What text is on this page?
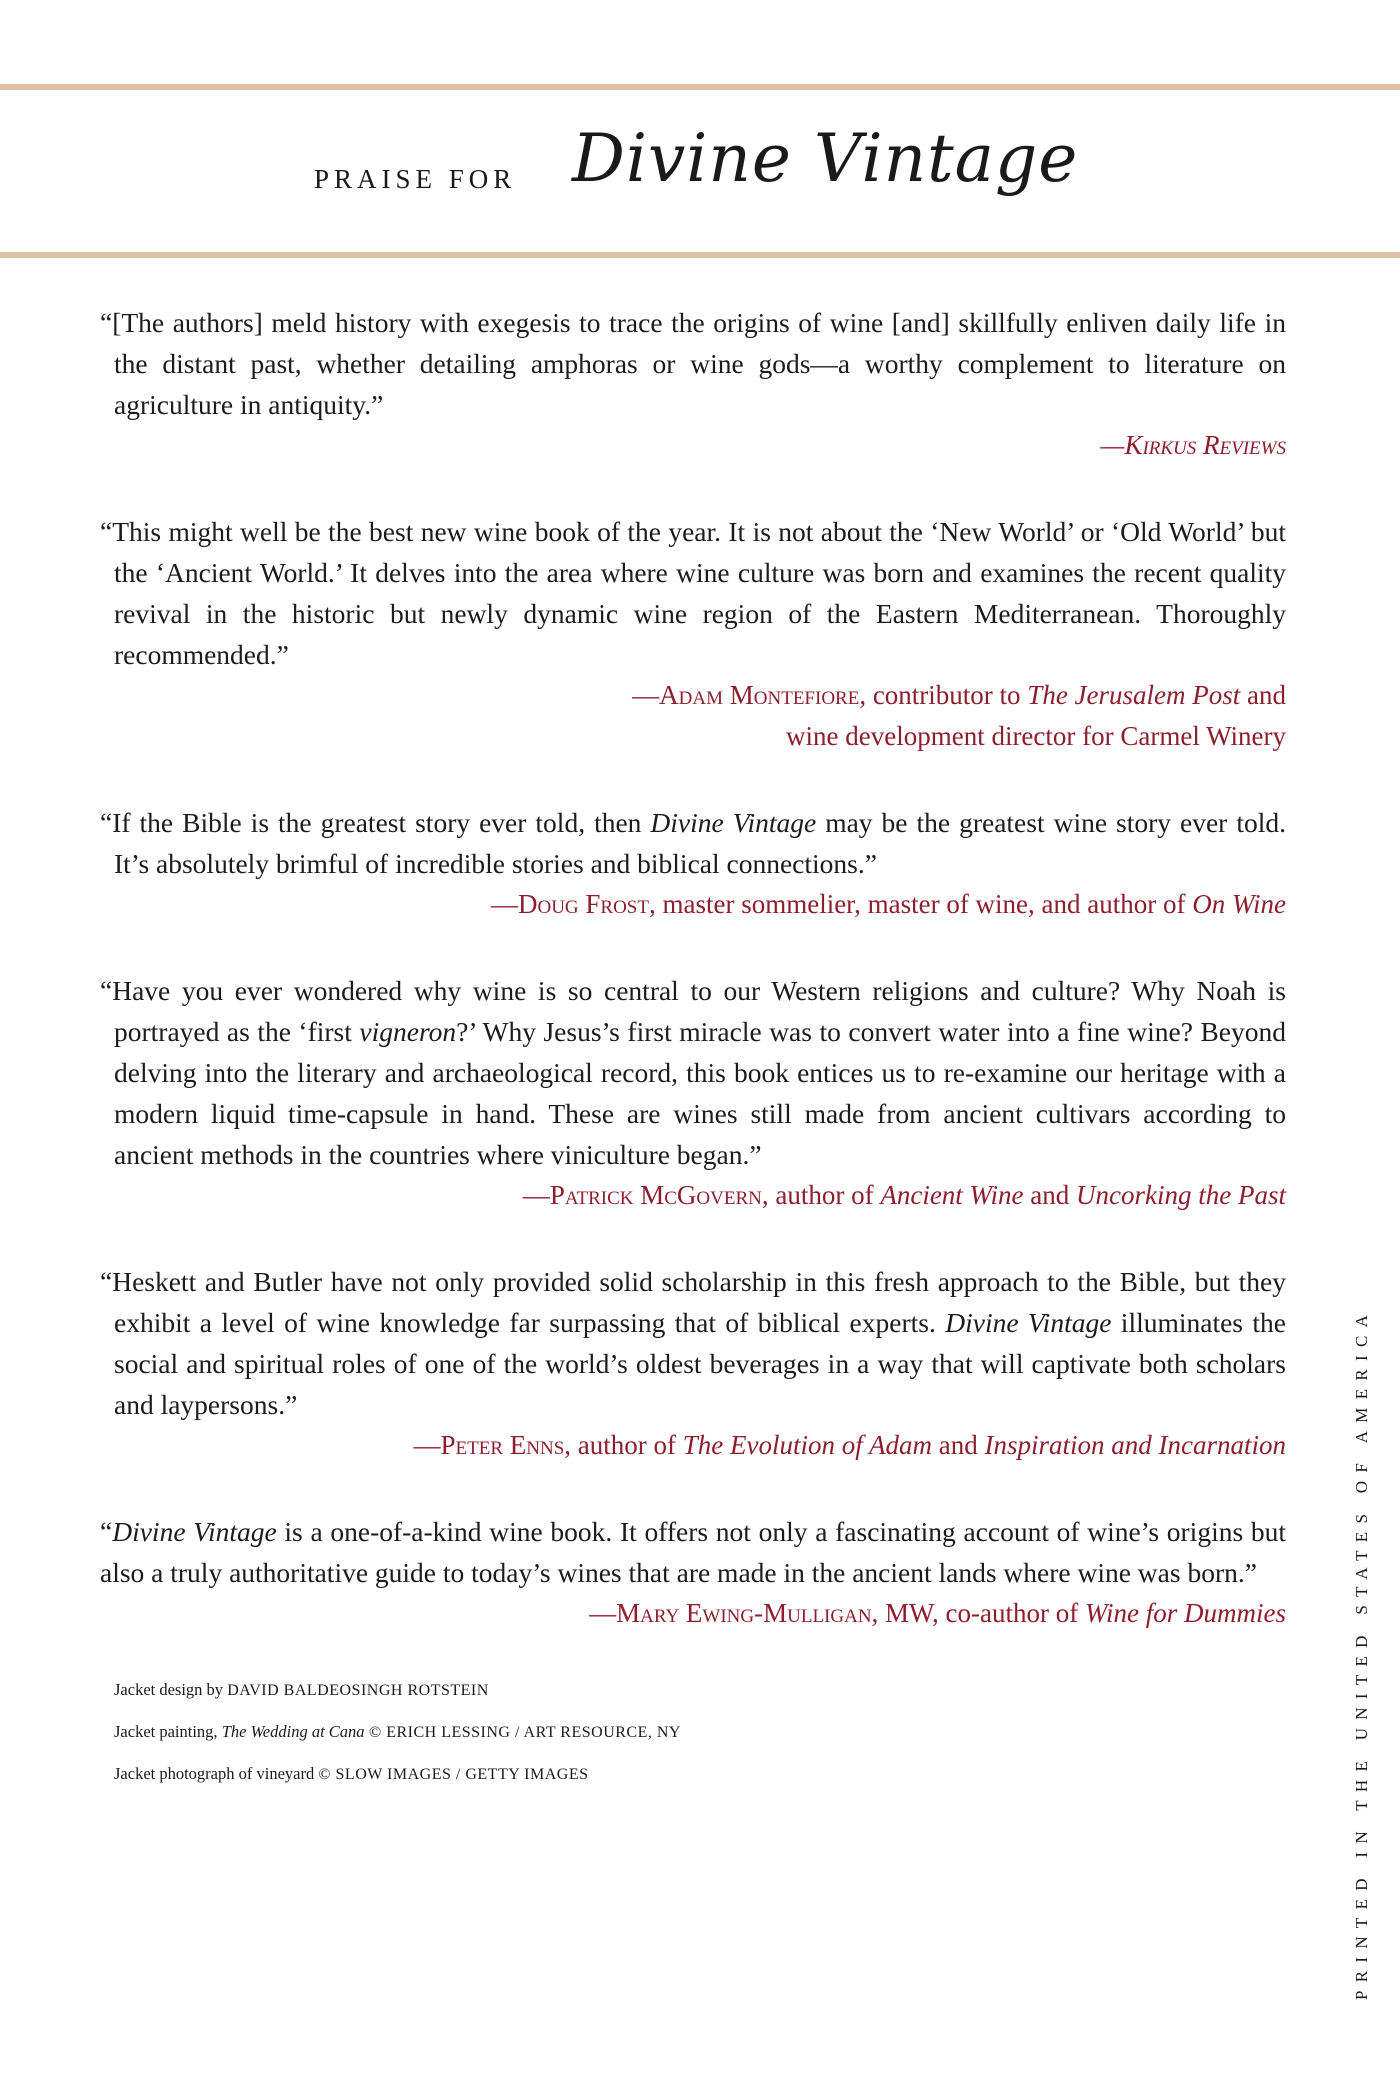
PRAISE FOR Divine Vintage

“[The authors] meld history with exegesis to trace the origins of wine [and] skillfully enliven daily life in the distant past, whether detailing amphoras or wine gods—a worthy complement to literature on agriculture in antiquity.”

—Kirkus Reviews

“This might well be the best new wine book of the year. It is not about the ‘New World’ or ‘Old World’ but the ‘Ancient World.’ It delves into the area where wine culture was born and examines the recent quality revival in the historic but newly dynamic wine region of the Eastern Mediterranean. Thoroughly recommended.”

—Adam Montefiore, contributor to The Jerusalem Post and

wine development director for Carmel Winery

“If the Bible is the greatest story ever told, then Divine Vintage may be the greatest wine story ever told. It’s absolutely brimful of incredible stories and biblical connections.”

—Doug Frost, master sommelier, master of wine, and author of On Wine

“Have you ever wondered why wine is so central to our Western religions and culture? Why Noah is portrayed as the ‘first vigneron?’ Why Jesus’s first miracle was to convert water into a fine wine? Beyond delving into the literary and archaeological record, this book entices us to re-examine our heritage with a modern liquid time-capsule in hand. These are wines still made from ancient cultivars according to ancient methods in the countries where viniculture began.”
—Patrick McGovern, author of Ancient Wine and Uncorking the Past

“Heskett and Butler have not only provided solid scholarship in this fresh approach to the Bible, but they exhibit a level of wine knowledge far surpassing that of biblical experts. Divine Vintage illuminates the social and spiritual roles of one of the world’s oldest beverages in a way that will captivate both scholars and laypersons.”

—Peter Enns, author of The Evolution of Adam and Inspiration and Incarnation

“Divine Vintage is a one-of-a-kind wine book. It offers not only a fascinating account of wine’s origins but also a truly authoritative guide to today’s wines that are made in the ancient lands where wine was born.”
—Mary Ewing-Mulligan, MW, co-author of Wine for Dummies

Jacket design by DAVID BALDEOSINGH ROTSTEIN

Jacket painting, The Wedding at Cana © ERICH LESSING / ART RESOURCE, NY

Jacket photograph of vineyard © SLOW IMAGES / GETTY IMAGES	PRINTED IN THE UNITED STATES OF AMERICA
